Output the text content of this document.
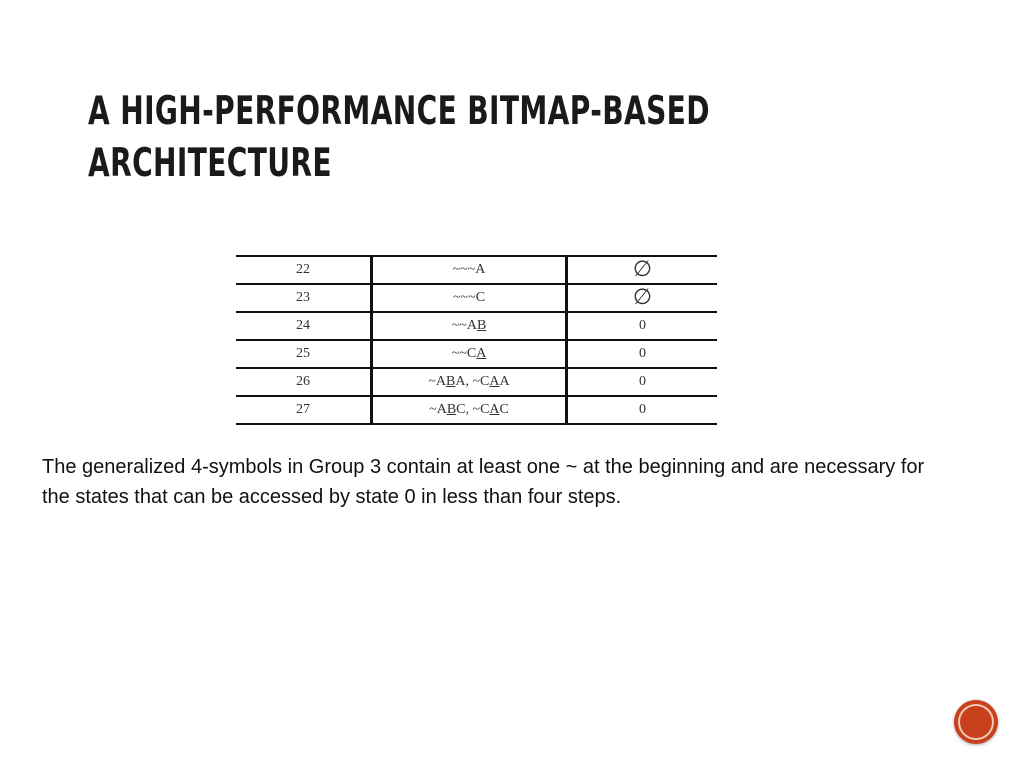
A HIGH-PERFORMANCE BITMAP-BASED
ARCHITECTURE
22	~~~A	∅
23	~~~C	∅
24	~~AB	0
25	~~CA	0
26	~ABA, ~CAA	0
27	~ABC, ~CAC	0

The generalized 4-symbols in Group 3 contain at least one ~ at the beginning and are necessary for the states that can be accessed by state 0 in less than four steps.
